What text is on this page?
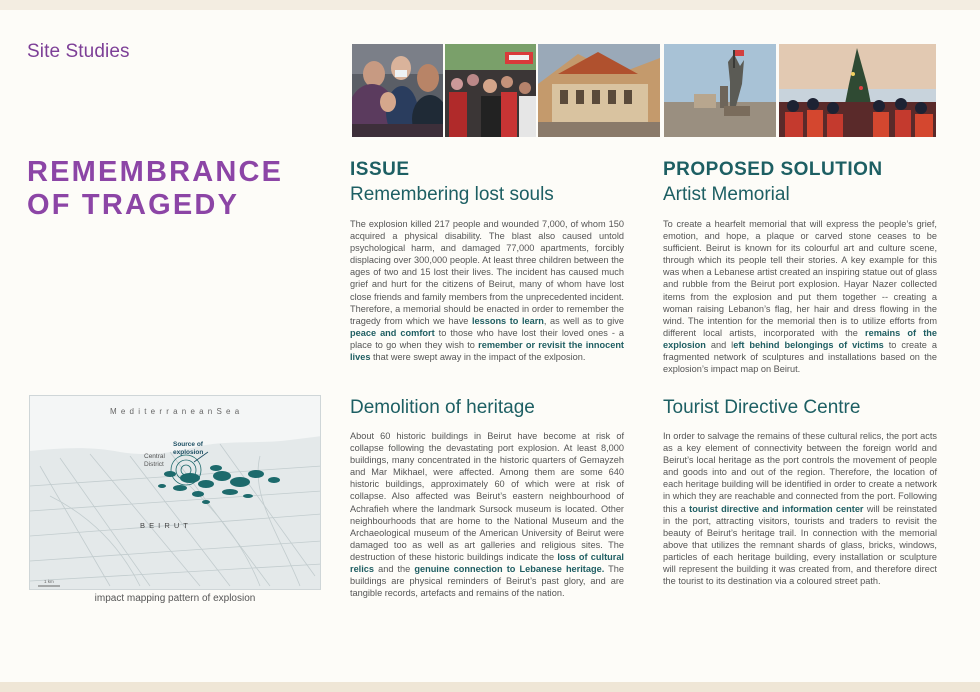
Site Studies
REMEMBRANCE OF TRAGEDY
ISSUE
Remembering lost souls
The explosion killed 217 people and wounded 7,000, of whom 150 acquired a physical disability. The blast also caused untold psychological harm, and damaged 77,000 apartments, forcibly displacing over 300,000 people. At least three children between the ages of two and 15 lost their lives. The incident has caused much grief and hurt for the citizens of Beirut, many of whom have lost close friends and family members from the unprecedented incident. Therefore, a memorial should be enacted in order to remember the tragedy from which we have lessons to learn, as well as to give peace and comfort to those who have lost their loved ones - a place to go when they wish to remember or revisit the innocent lives that were swept away in the impact of the exlposion.
PROPOSED SOLUTION
Artist Memorial
To create a hearfelt memorial that will express the people’s grief, emotion, and hope, a plaque or carved stone ceases to be sufficient. Beirut is known for its colourful art and culture scene, through which its people tell their stories. A key example for this was when a Lebanese artist created an inspiring statue out of glass and rubble from the Beirut port explosion. Hayar Nazer collected items from the explosion and put them together -- creating a woman raising Lebanon’s flag, her hair and dress flowing in the wind. The intention for the memorial then is to utilize efforts from different local artists, incorporated with the remains of the explosion and left behind belongings of victims to create a fragmented network of sculptures and installations based on the explosion’s impact map on Beirut.
Demolition of heritage
About 60 historic buildings in Beirut have become at risk of collapse following the devastating port explosion. At least 8,000 buildings, many concentrated in the historic quarters of Gemayzeh and Mar Mikhael, were affected. Among them are some 640 historic buildings, approximately 60 of which were at risk of collapse. Also affected was Beirut’s eastern neighbourhood of Achrafieh where the landmark Sursock museum is located. Other neighbourhoods that are home to the National Museum and the Archaeological museum of the American University of Beirut were damaged too as well as art galleries and religious sites. The destruction of these historic buildings indicate the loss of cultural relics and the genuine connection to Lebanese heritage. The buildings are physical reminders of Beirut’s past glory, and are tangible records, artefacts and remains of the nation.
Tourist Directive Centre
In order to salvage the remains of these cultural relics, the port acts as a key element of connectivity between the foreign world and Beirut’s local heritage as the port controls the movement of people and goods into and out of the region. Therefore, the location of each heritage building will be identified in order to create a network in which they are reachable and connected from the port. Following this a tourist directive and information center will be reinstated in the port, attracting visitors, tourists and traders to revisit the beauty of Beirut’s heritage trail. In connection with the memorial above that utilizes the remnant shards of glass, bricks, windows, particles of each heritage building, every installation or sculpture will represent the building it was created from, and therefore direct the tourist to its destination via a coloured street path.
M e d i t e r r a n e a n S e a
Source of
explosion
Central
District
B E I R U T
1 km
impact mapping pattern of explosion
